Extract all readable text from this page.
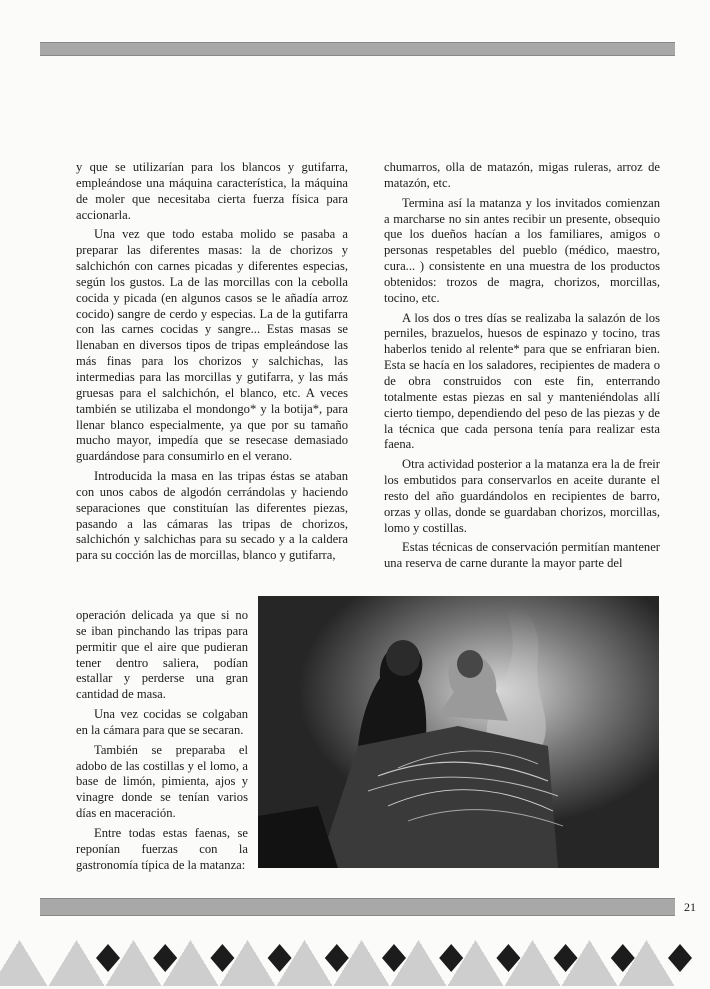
y que se utilizarían para los blancos y gutifarra, empleándose una máquina característica, la máquina de moler que necesitaba cierta fuerza física para accionarla.

Una vez que todo estaba molido se pasaba a preparar las diferentes masas: la de chorizos y salchichón con carnes picadas y diferentes especias, según los gustos. La de las morcillas con la cebolla cocida y picada (en algunos casos se le añadía arroz cocido) sangre de cerdo y especias. La de la gutifarra con las carnes cocidas y sangre... Estas masas se llenaban en diversos tipos de tripas empleándose las más finas para los chorizos y salchichas, las intermedias para las morcillas y gutifarra, y las más gruesas para el salchichón, el blanco, etc. A veces también se utilizaba el mondongo* y la botija*, para llenar blanco especialmente, ya que por su tamaño mucho mayor, impedía que se resecase demasiado guardándose para consumirlo en el verano.

Introducida la masa en las tripas éstas se ataban con unos cabos de algodón cerrándolas y haciendo separaciones que constituían las diferentes piezas, pasando a las cámaras las tripas de chorizos, salchichón y salchichas para su secado y a la caldera para su cocción las de morcillas, blanco y gutifarra,

operación delicada ya que si no se iban pinchando las tripas para permitir que el aire que pudieran tener dentro saliera, podían estallar y perderse una gran cantidad de masa.

Una vez cocidas se colgaban en la cámara para que se secaran.

También se preparaba el adobo de las costillas y el lomo, a base de limón, pimienta, ajos y vinagre donde se tenían varios días en maceración.

Entre todas estas faenas, se reponían fuerzas con la gastronomía típica de la matanza:

chumarros, olla de matazón, migas ruleras, arroz de matazón, etc.

Termina así la matanza y los invitados comienzan a marcharse no sin antes recibir un presente, obsequio que los dueños hacían a los familiares, amigos o personas respetables del pueblo (médico, maestro, cura... ) consistente en una muestra de los productos obtenidos: trozos de magra, chorizos, morcillas, tocino, etc.

A los dos o tres días se realizaba la salazón de los perniles, brazuelos, huesos de espinazo y tocino, tras haberlos tenido al relente* para que se enfriaran bien. Esta se hacía en los saladores, recipientes de madera o de obra construidos con este fin, enterrando totalmente estas piezas en sal y manteniéndolas allí cierto tiempo, dependiendo del peso de las piezas y de la técnica que cada persona tenía para realizar esta faena.

Otra actividad posterior a la matanza era la de freir los embutidos para conservarlos en aceite durante el resto del año guardándolos en recipientes de barro, orzas y ollas, donde se guardaban chorizos, morcillas, lomo y costillas.

Estas técnicas de conservación permitían mantener una reserva de carne durante la mayor parte del

21
